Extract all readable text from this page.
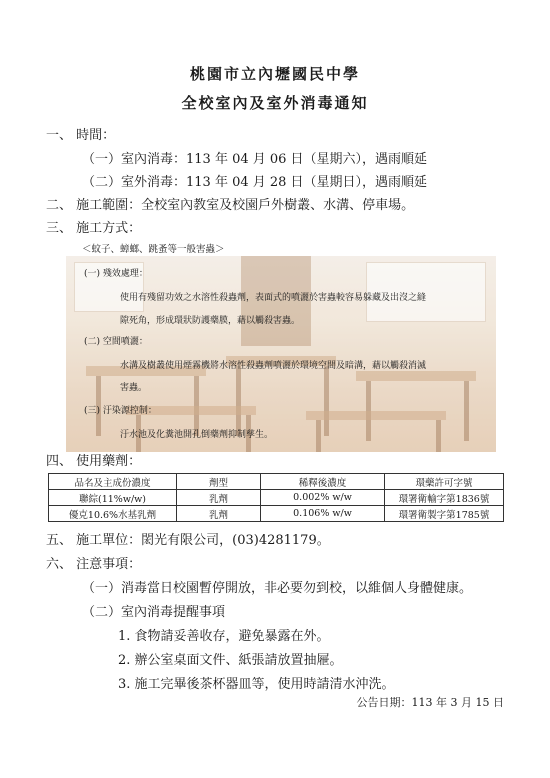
桃園市立內壢國民中學
全校室內及室外消毒通知
一、 時間：
（一）室內消毒：113 年 04 月 06 日（星期六），遇雨順延
（二）室外消毒：113 年 04 月 28 日（星期日），遇雨順延
二、 施工範圍：全校室內教室及校園戶外樹叢、水溝、停車場。
三、 施工方式：
＜蚊子、蟑螂、跳蚤等一般害蟲＞
(一) 殘效處理：
使用有殘留功效之水溶性殺蟲劑，表面式的噴灑於害蟲較容易躲藏及出沒之縫
隙死角，形成環狀防護藥膜，藉以觸殺害蟲。
(二) 空間噴灑：
水溝及樹叢使用煙霧機將水溶性殺蟲劑噴灑於環境空間及暗溝，藉以觸殺消滅
害蟲。
(三) 汙染源控制：
汙水池及化糞池開孔倒藥劑抑制孳生。
四、 使用藥劑：
品名及主成份濃度	劑型	稀釋後濃度	環藥許可字號
聯綜(11%w/w)	乳劑	0.002% w/w	環署衛輸字第1836號
優克10.6%水基乳劑	乳劑	0.106% w/w	環署衛製字第1785號
五、 施工單位：閎光有限公司，(03)4281179。
六、 注意事項：
（一）消毒當日校園暫停開放，非必要勿到校，以維個人身體健康。
（二）室內消毒提醒事項
1. 食物請妥善收存，避免暴露在外。
2. 辦公室桌面文件、紙張請放置抽屜。
3. 施工完畢後茶杯器皿等，使用時請清水沖洗。
公告日期：113 年 3 月 15 日
